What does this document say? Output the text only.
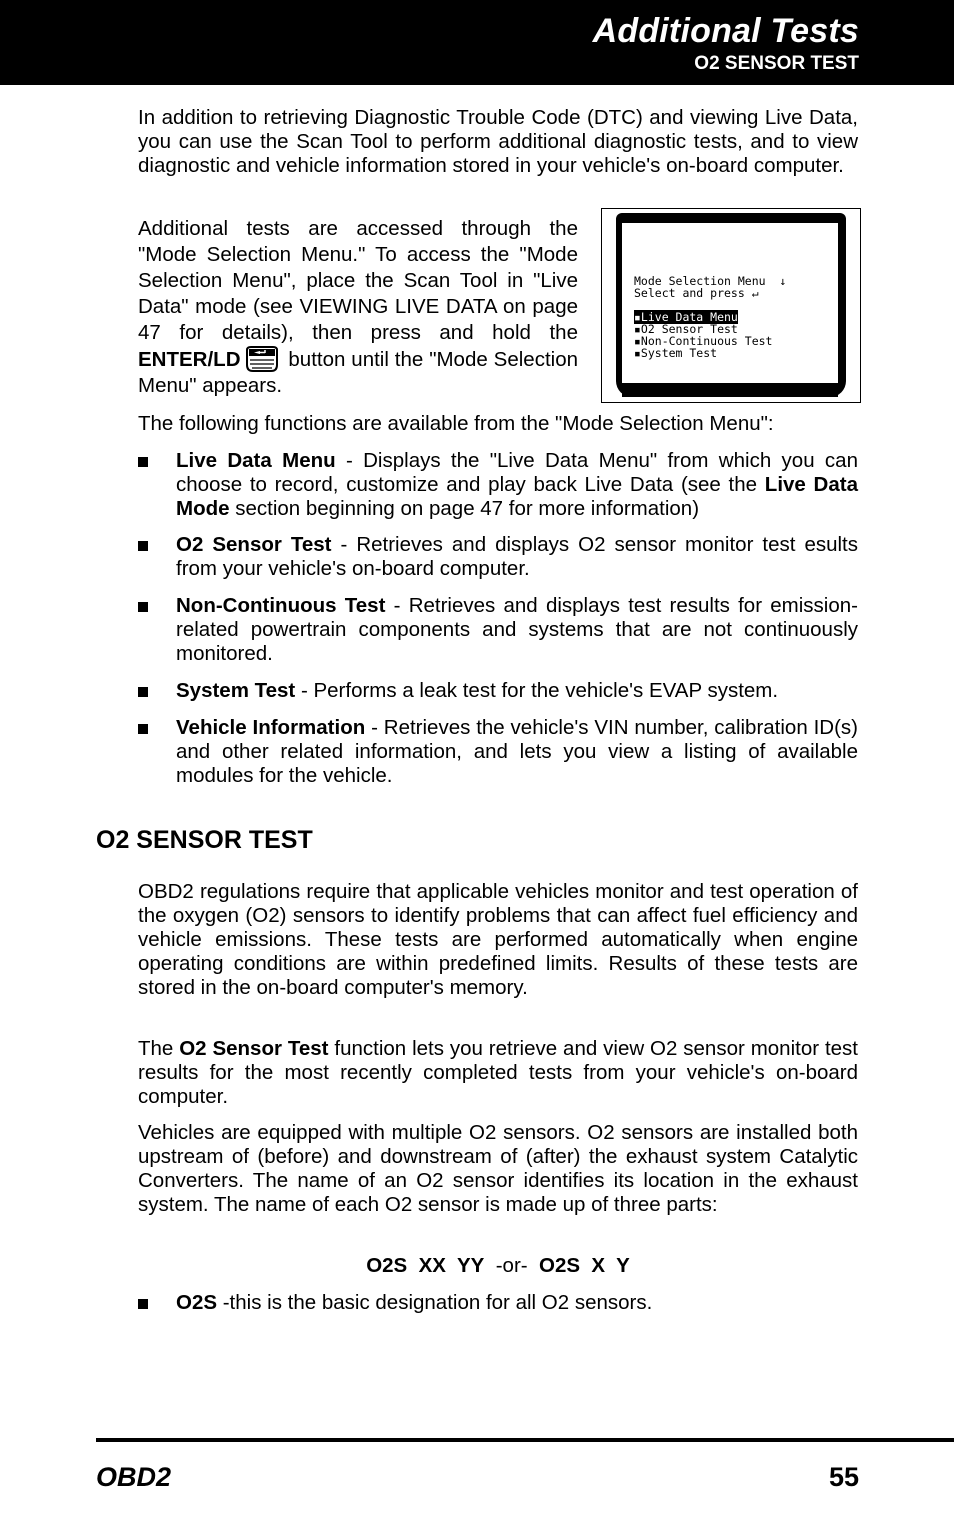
Additional Tests
O2 SENSOR TEST

In addition to retrieving Diagnostic Trouble Code (DTC) and viewing Live Data, you can use the Scan Tool to perform additional diagnostic tests, and to view diagnostic and vehicle information stored in your vehicle's on-board computer.

Additional tests are accessed through the "Mode Selection Menu." To access the "Mode Selection Menu", place the Scan Tool in "Live Data" mode (see VIEWING LIVE DATA on page 47 for details), then press and hold the ENTER/LD button until the "Mode Selection Menu" appears.

Mode Selection Menu  ↓
Select and press ↵
▪Live Data Menu
▪O2 Sensor Test
▪Non-Continuous Test
▪System Test

The following functions are available from the "Mode Selection Menu":

Live Data Menu - Displays the "Live Data Menu" from which you can choose to record, customize and play back Live Data (see the Live Data Mode section beginning on page 47 for more information)

O2 Sensor Test - Retrieves and displays O2 sensor monitor test esults from your vehicle's on-board computer.

Non-Continuous Test - Retrieves and displays test results for emission-related powertrain components and systems that are not continuously monitored.

System Test - Performs a leak test for the vehicle's EVAP system.

Vehicle Information - Retrieves the vehicle's VIN number, calibration ID(s) and other related information, and lets you view a listing of available modules for the vehicle.

O2 SENSOR TEST

OBD2 regulations require that applicable vehicles monitor and test operation of the oxygen (O2) sensors to identify problems that can affect fuel efficiency and vehicle emissions. These tests are performed automatically when engine operating conditions are within predefined limits. Results of these tests are stored in the on-board computer's memory.

The O2 Sensor Test function lets you retrieve and view O2 sensor monitor test results for the most recently completed tests from your vehicle's on-board computer.

Vehicles are equipped with multiple O2 sensors. O2 sensors are installed both upstream of (before) and downstream of (after) the exhaust system Catalytic Converters. The name of an O2 sensor identifies its location in the exhaust system. The name of each O2 sensor is made up of three parts:

O2S  XX  YY  -or-  O2S  X  Y

O2S -this is the basic designation for all O2 sensors.

OBD2	55
